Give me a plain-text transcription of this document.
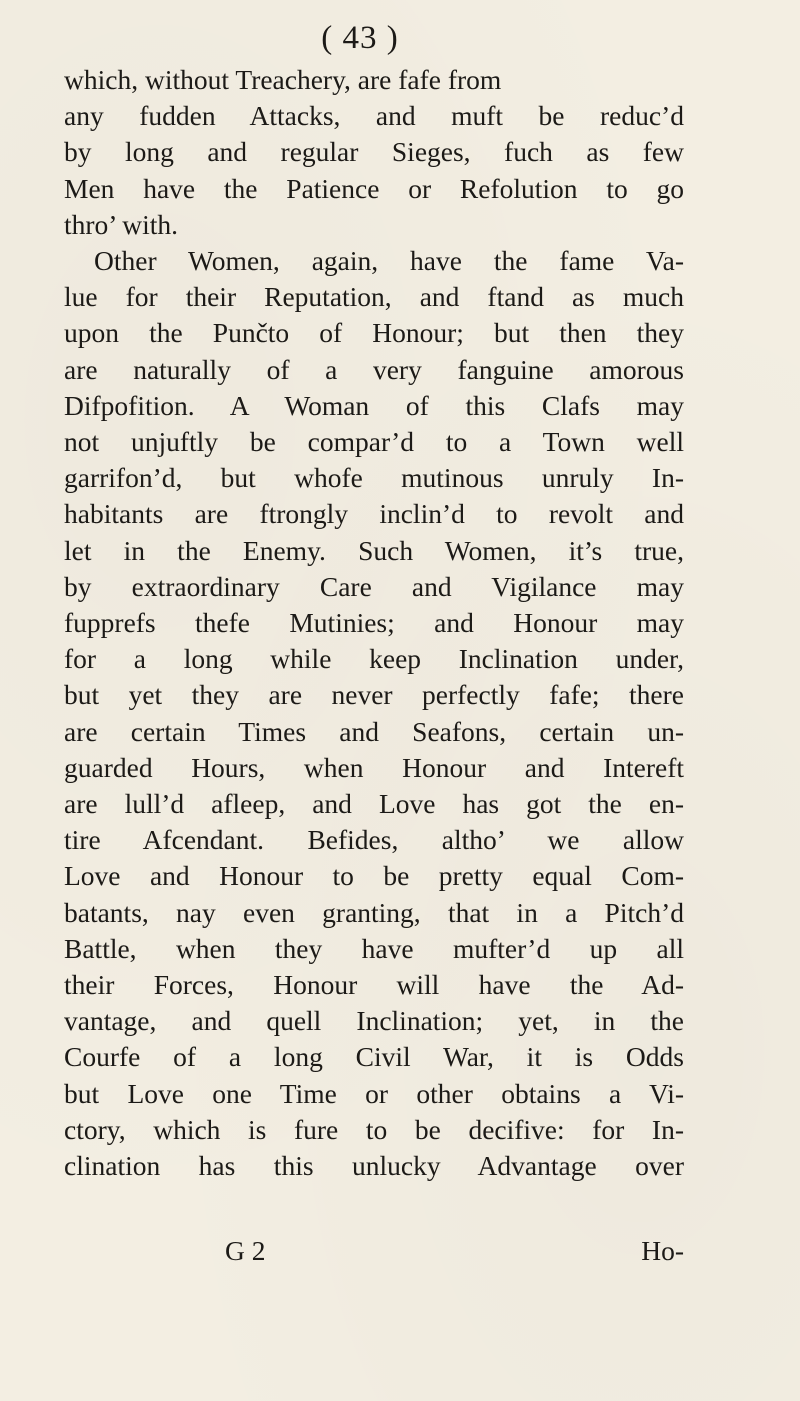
( 43 )
which, without Treachery, are fafe from
any fudden Attacks, and muft be reduc’d
by long and regular Sieges, fuch as few
Men have the Patience or Refolution to go
thro’ with.
Other Women, again, have the fame Va-
lue for their Reputation, and ftand as much
upon the Punčto of Honour; but then they
are naturally of a very fanguine amorous
Difpofition. A Woman of this Clafs may
not unjuftly be compar’d to a Town well
garrifon’d, but whofe mutinous unruly In-
habitants are ftrongly inclin’d to revolt and
let in the Enemy. Such Women, it’s true,
by extraordinary Care and Vigilance may
fupprefs thefe Mutinies; and Honour may
for a long while keep Inclination under,
but yet they are never perfectly fafe; there
are certain Times and Seafons, certain un-
guarded Hours, when Honour and Intereft
are lull’d afleep, and Love has got the en-
tire Afcendant. Befides, altho’ we allow
Love and Honour to be pretty equal Com-
batants, nay even granting, that in a Pitch’d
Battle, when they have mufter’d up all
their Forces, Honour will have the Ad-
vantage, and quell Inclination; yet, in the
Courfe of a long Civil War, it is Odds
but Love one Time or other obtains a Vi-
ctory, which is fure to be decifive: for In-
clination has this unlucky Advantage over
G 2	Ho-
